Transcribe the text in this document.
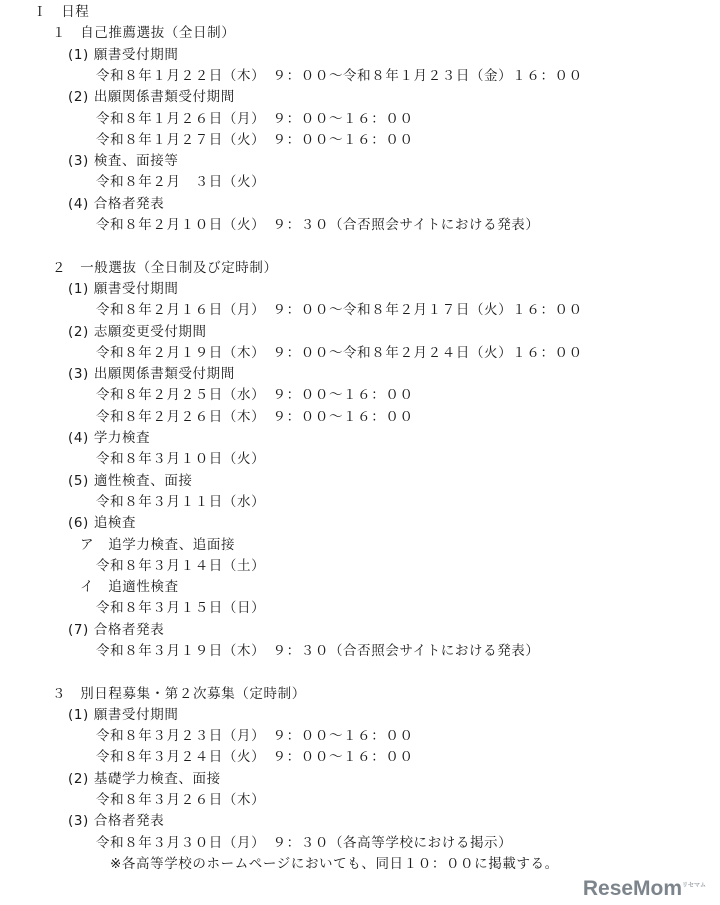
Ｉ　日程
１　自己推薦選抜（全日制）
(1) 願書受付期間
令和８年１月２２日（木）　９：００～令和８年１月２３日（金）１６：００
(2) 出願関係書類受付期間
令和８年１月２６日（月）　９：００～１６：００
令和８年１月２７日（火）　９：００～１６：００
(3) 検査、面接等
令和８年２月　３日（火）
(4) 合格者発表
令和８年２月１０日（火）　９：３０（合否照会サイトにおける発表）
２　一般選抜（全日制及び定時制）
(1) 願書受付期間
令和８年２月１６日（月）　９：００～令和８年２月１７日（火）１６：００
(2) 志願変更受付期間
令和８年２月１９日（木）　９：００～令和８年２月２４日（火）１６：００
(3) 出願関係書類受付期間
令和８年２月２５日（水）　９：００～１６：００
令和８年２月２６日（木）　９：００～１６：００
(4) 学力検査
令和８年３月１０日（火）
(5) 適性検査、面接
令和８年３月１１日（水）
(6) 追検査
ア　追学力検査、追面接
令和８年３月１４日（土）
イ　追適性検査
令和８年３月１５日（日）
(7) 合格者発表
令和８年３月１９日（木）　９：３０（合否照会サイトにおける発表）
３　別日程募集・第２次募集（定時制）
(1) 願書受付期間
令和８年３月２３日（月）　９：００～１６：００
令和８年３月２４日（火）　９：００～１６：００
(2) 基礎学力検査、面接
令和８年３月２６日（木）
(3) 合格者発表
令和８年３月３０日（月）　９：３０（各高等学校における掲示）
※各高等学校のホームページにおいても、同日１０：００に掲載する。
ReseMom$^{リセマム}$
